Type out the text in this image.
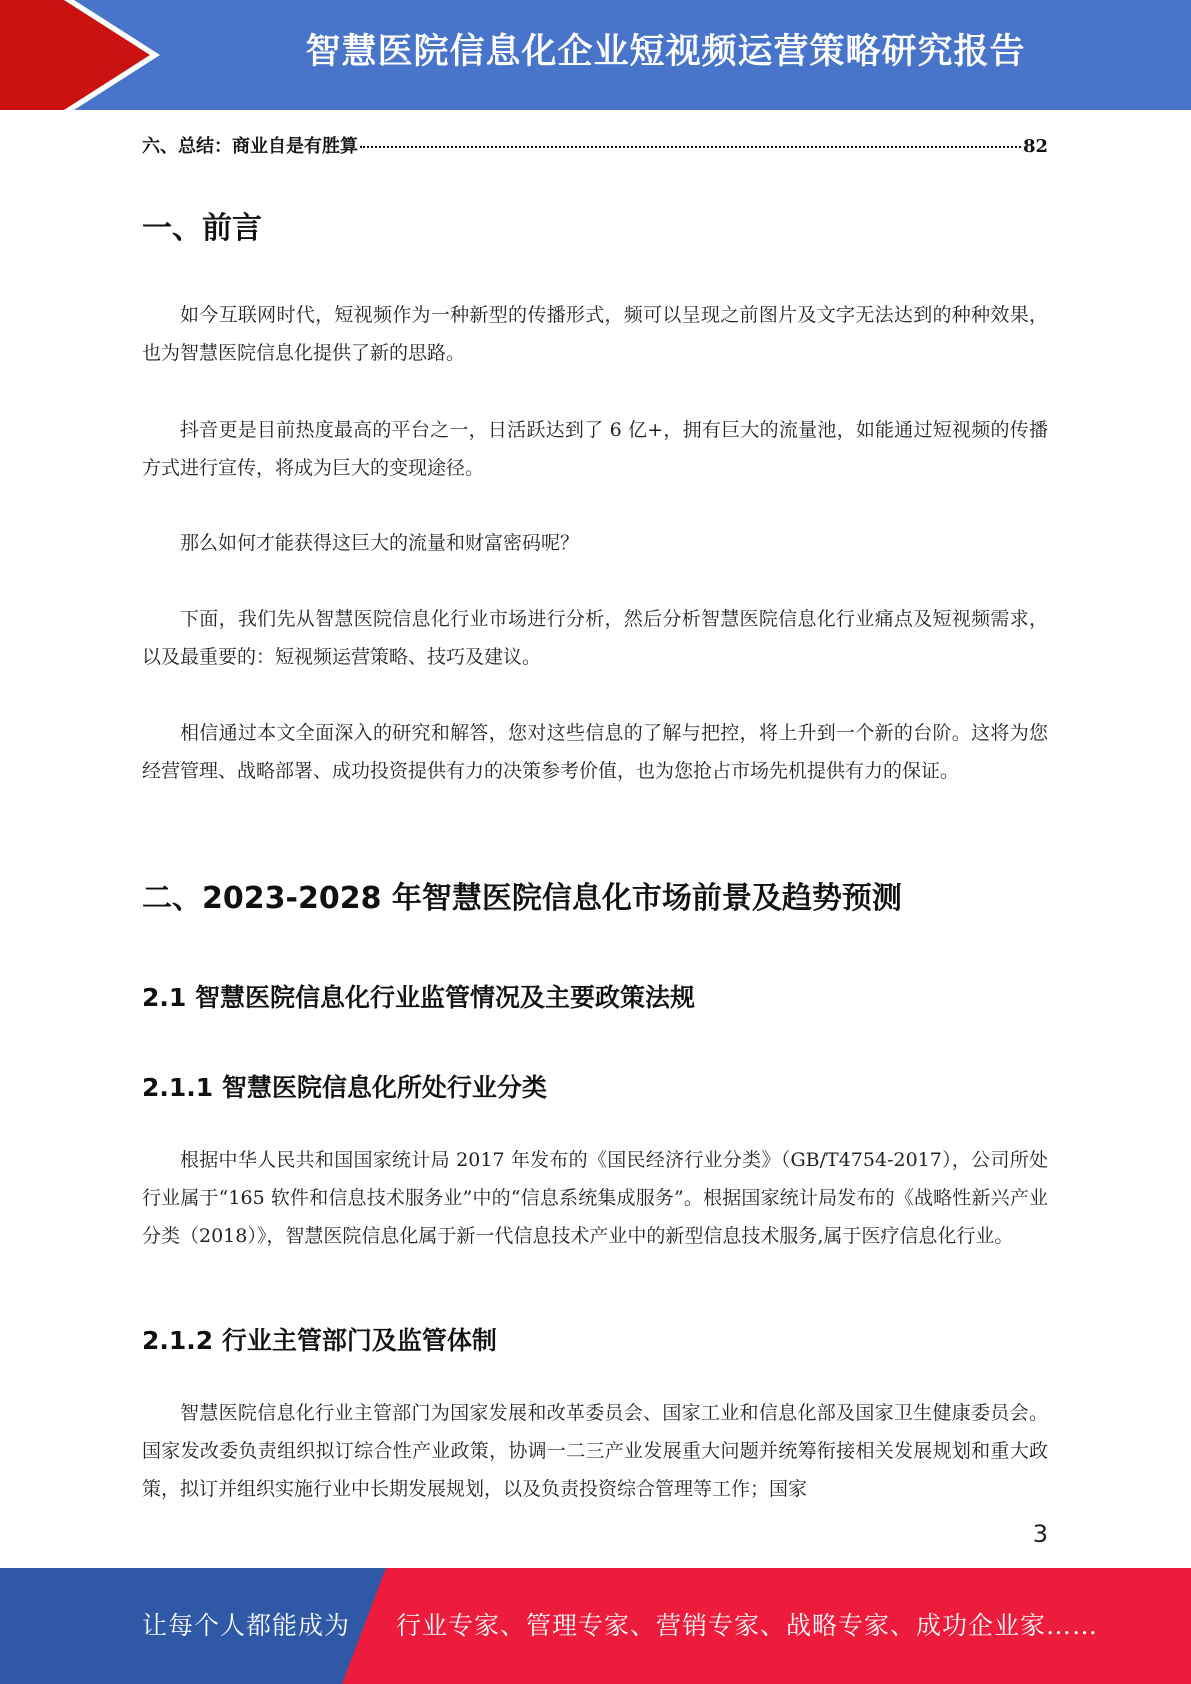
智慧医院信息化企业短视频运营策略研究报告
六、总结：商业自是有胜算	82
一、前言

如今互联网时代，短视频作为一种新型的传播形式，频可以呈现之前图片及文字无法达到的种种效果，也为智慧医院信息化提供了新的思路。

抖音更是目前热度最高的平台之一，日活跃达到了 6 亿+，拥有巨大的流量池，如能通过短视频的传播方式进行宣传，将成为巨大的变现途径。

那么如何才能获得这巨大的流量和财富密码呢？

下面，我们先从智慧医院信息化行业市场进行分析，然后分析智慧医院信息化行业痛点及短视频需求，以及最重要的：短视频运营策略、技巧及建议。

相信通过本文全面深入的研究和解答，您对这些信息的了解与把控，将上升到一个新的台阶。这将为您经营管理、战略部署、成功投资提供有力的决策参考价值，也为您抢占市场先机提供有力的保证。

二、2023-2028 年智慧医院信息化市场前景及趋势预测
2.1 智慧医院信息化行业监管情况及主要政策法规
2.1.1 智慧医院信息化所处行业分类

根据中华人民共和国国家统计局 2017 年发布的《国民经济行业分类》（GB/T4754-2017），公司所处行业属于“165 软件和信息技术服务业”中的“信息系统集成服务”。根据国家统计局发布的《战略性新兴产业分类（2018）》，智慧医院信息化属于新一代信息技术产业中的新型信息技术服务,属于医疗信息化行业。

2.1.2 行业主管部门及监管体制

智慧医院信息化行业主管部门为国家发展和改革委员会、国家工业和信息化部及国家卫生健康委员会。国家发改委负责组织拟订综合性产业政策，协调一二三产业发展重大问题并统筹衔接相关发展规划和重大政策，拟订并组织实施行业中长期发展规划，以及负责投资综合管理等工作；国家

3
让每个人都能成为 行业专家、管理专家、营销专家、战略专家、成功企业家……
